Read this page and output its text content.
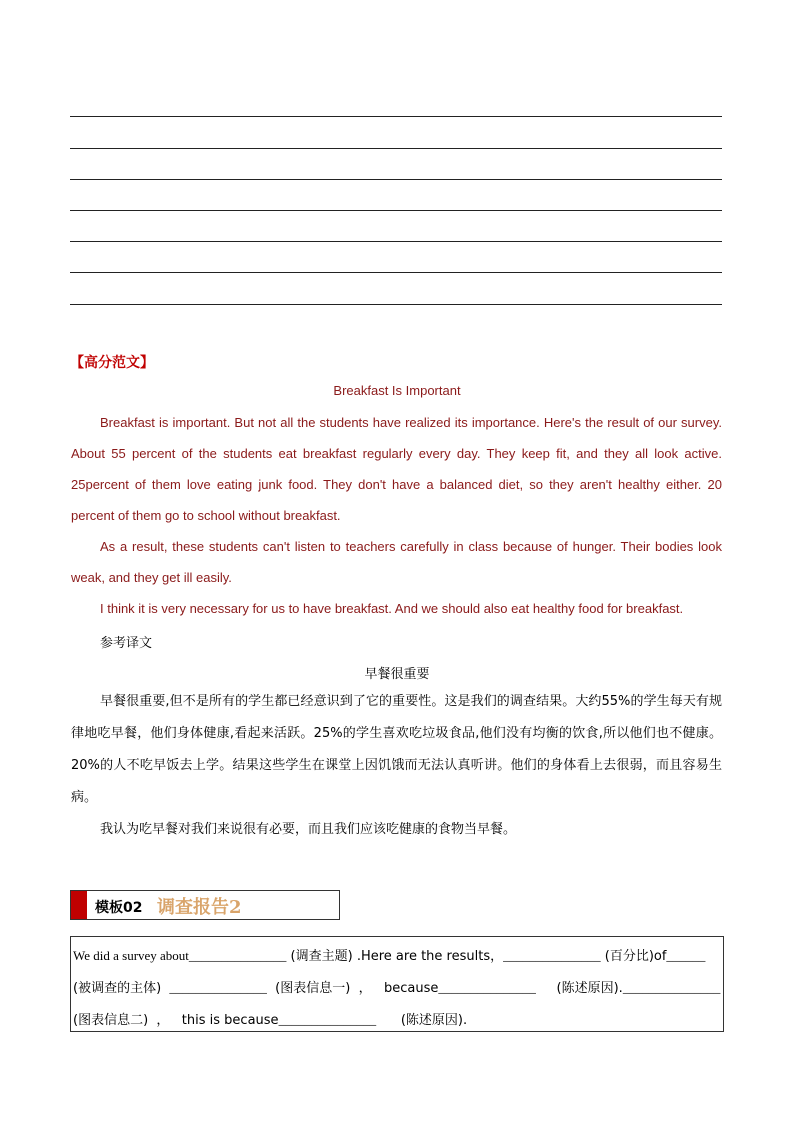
【高分范文】
Breakfast Is Important

Breakfast is important. But not all the students have realized its importance. Here's the result of our survey. About 55 percent of the students eat breakfast regularly every day. They keep fit, and they all look active. 25percent of them love eating junk food. They don't have a balanced diet, so they aren't healthy either. 20 percent of them go to school without breakfast.

As a result, these students can't listen to teachers carefully in class because of hunger. Their bodies look weak, and they get ill easily.

I think it is very necessary for us to have breakfast. And we should also eat healthy food for breakfast.

参考译文
早餐很重要

早餐很重要,但不是所有的学生都已经意识到了它的重要性。这是我们的调查结果。大约55%的学生每天有规律地吃早餐，他们身体健康,看起来活跃。25%的学生喜欢吃垃圾食品,他们没有均衡的饮食,所以他们也不健康。20%的人不吃早饭去上学。结果这些学生在课堂上因饥饿而无法认真听讲。他们的身体看上去很弱，而且容易生病。

我认为吃早餐对我们来说很有必要，而且我们应该吃健康的食物当早餐。

模板02 调查报告2
We did a survey about_______________ (调查主题) .Here are the results，_______________ (百分比)of______
(被调查的主体)  _______________  (图表信息一)  ，   because_______________     (陈述原因)._______________
(图表信息二)  ，   this is because_______________      (陈述原因).
